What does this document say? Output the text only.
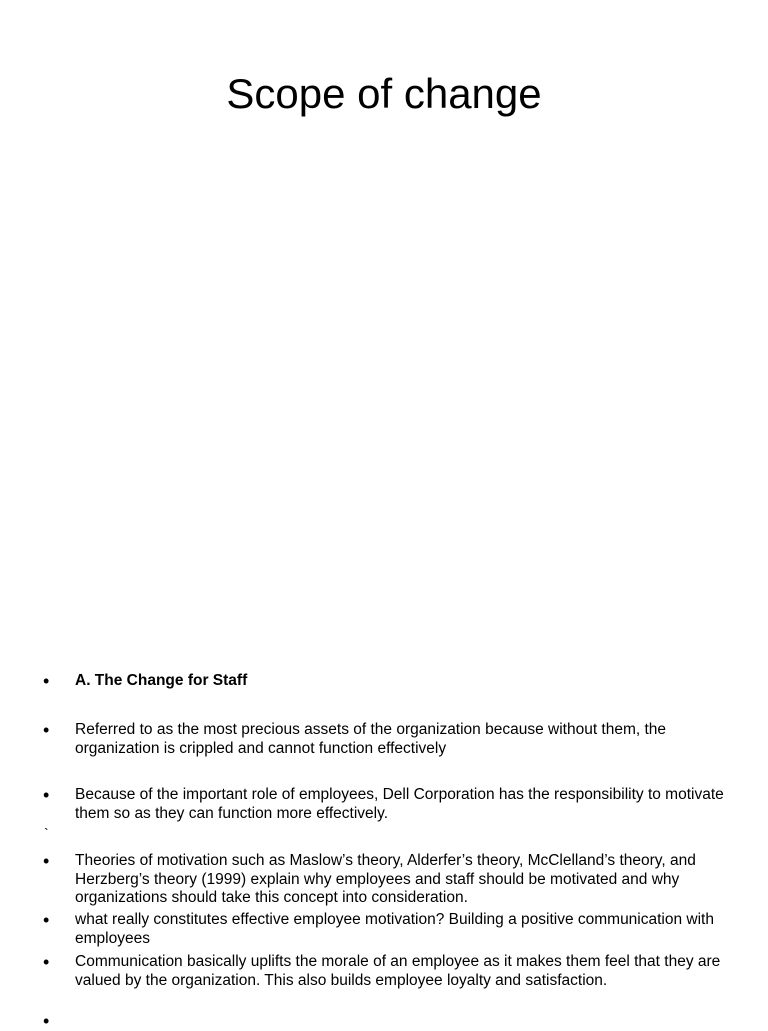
Scope of change
• A. The Change for Staff
• Referred to as the most precious assets of the organization because without them, the organization is crippled and cannot function effectively
• Because of the important role of employees, Dell Corporation has the responsibility to motivate them so as they can function more effectively.
`
• Theories of motivation such as Maslow’s theory, Alderfer’s theory, McClelland’s theory, and Herzberg’s theory (1999) explain why employees and staff should be motivated and why organizations should take this concept into consideration.
• what really constitutes effective employee motivation? Building a positive communication with employees
• Communication basically uplifts the morale of an employee as it makes them feel that they are valued by the organization. This also builds employee loyalty and satisfaction.
•
